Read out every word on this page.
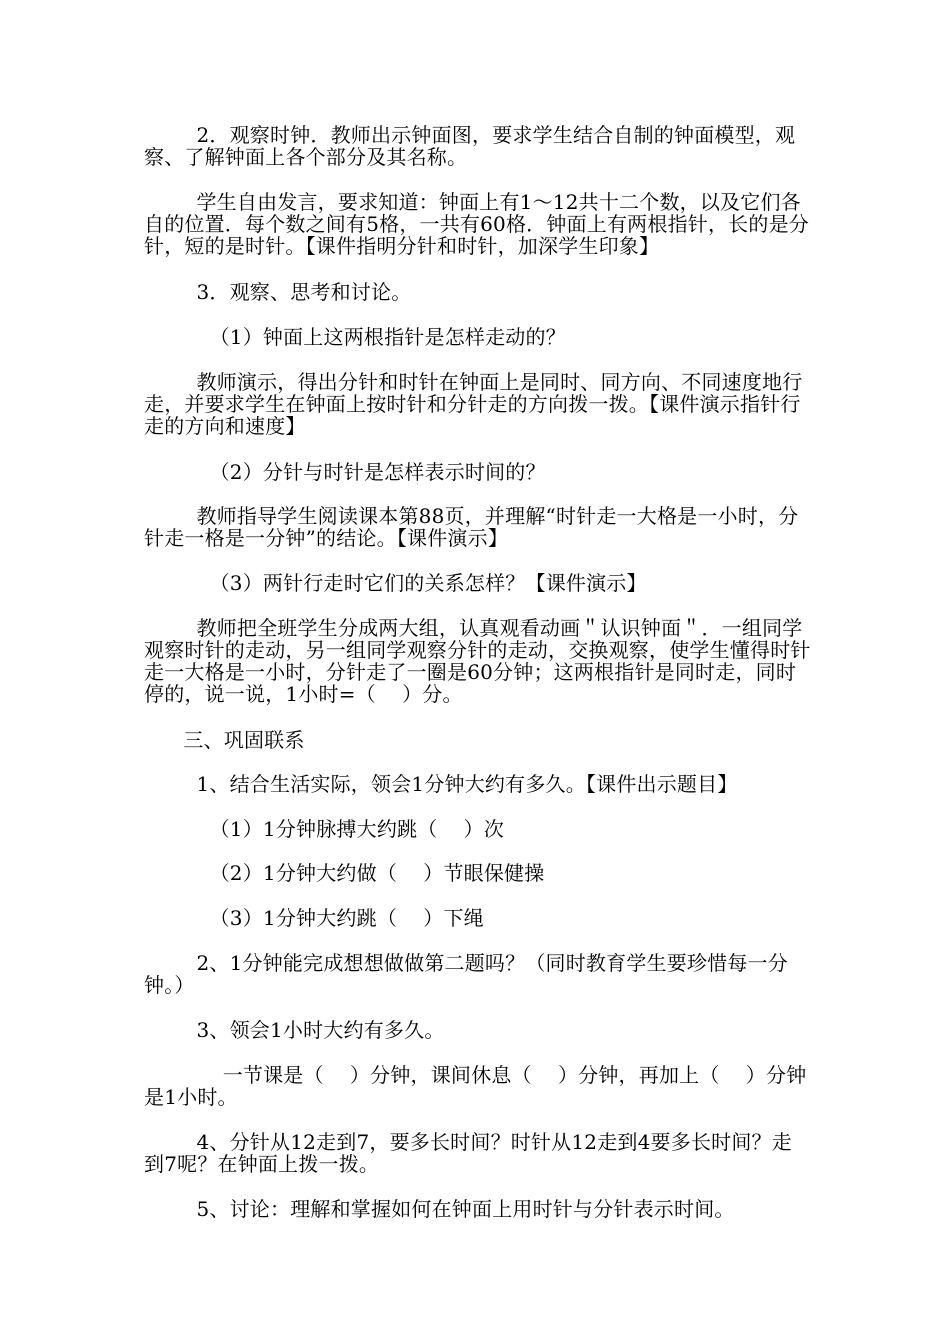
2．观察时钟．教师出示钟面图，要求学生结合自制的钟面模型，观察、了解钟面上各个部分及其名称。

学生自由发言，要求知道：钟面上有1～12共十二个数，以及它们各自的位置．每个数之间有5格，一共有60格．钟面上有两根指针，长的是分针，短的是时针。【课件指明分针和时针，加深学生印象】

3．观察、思考和讨论。

（1）钟面上这两根指针是怎样走动的？

教师演示，得出分针和时针在钟面上是同时、同方向、不同速度地行走，并要求学生在钟面上按时针和分针走的方向拨一拨。【课件演示指针行走的方向和速度】

（2）分针与时针是怎样表示时间的？

教师指导学生阅读课本第88页，并理解“时针走一大格是一小时，分针走一格是一分钟”的结论。【课件演示】

（3）两针行走时它们的关系怎样？【课件演示】

教师把全班学生分成两大组，认真观看动画＂认识钟面＂．一组同学观察时针的走动，另一组同学观察分针的走动，交换观察，使学生懂得时针走一大格是一小时，分针走了一圈是60分钟；这两根指针是同时走，同时停的，说一说，1小时=（    ）分。

三、巩固联系

1、结合生活实际，领会1分钟大约有多久。【课件出示题目】

（1）1分钟脉搏大约跳（    ）次

（2）1分钟大约做（    ）节眼保健操

（3）1分钟大约跳（    ）下绳

2、1分钟能完成想想做做第二题吗？（同时教育学生要珍惜每一分钟。）

3、领会1小时大约有多久。

一节课是（    ）分钟，课间休息（    ）分钟，再加上（    ）分钟是1小时。

4、分针从12走到7，要多长时间？时针从12走到4要多长时间？走到7呢？在钟面上拨一拨。

5、讨论：理解和掌握如何在钟面上用时针与分针表示时间。
